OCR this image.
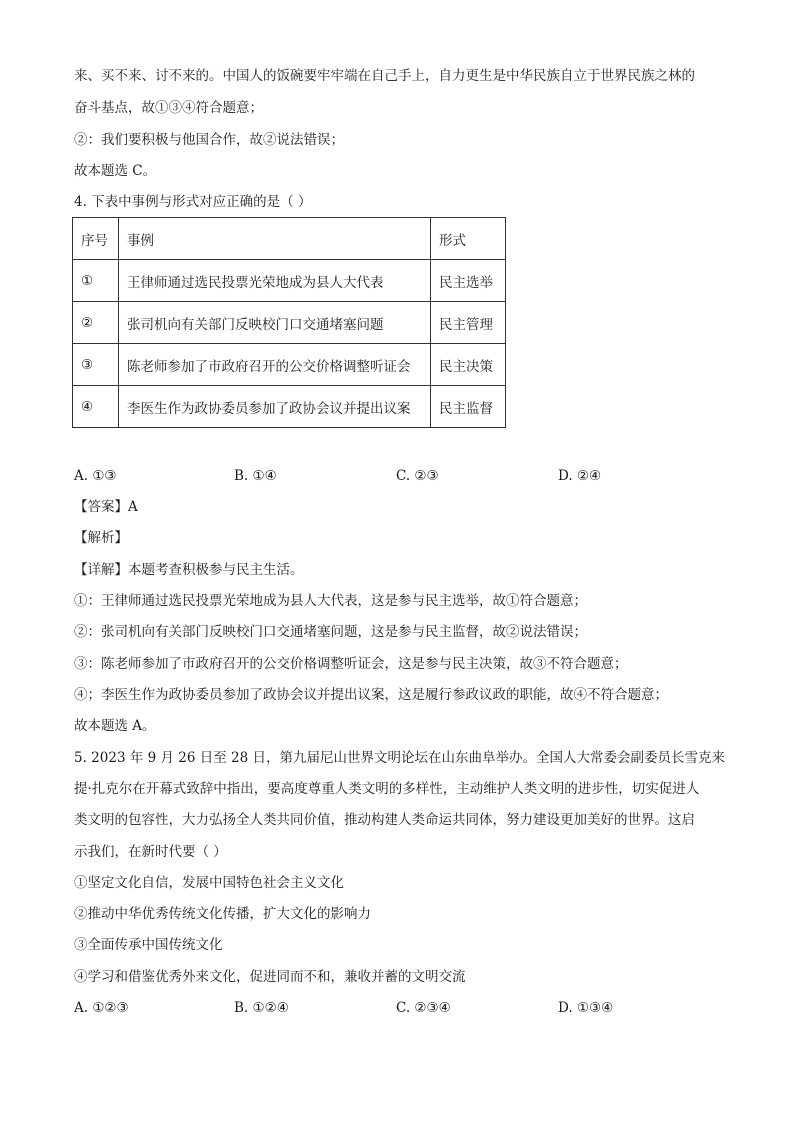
来、买不来、讨不来的。中国人的饭碗要牢牢端在自己手上，自力更生是中华民族自立于世界民族之林的
奋斗基点，故①③④符合题意；
②：我们要积极与他国合作，故②说法错误；
故本题选 C。
4. 下表中事例与形式对应正确的是（ ）
序号	事例	形式
①	王律师通过选民投票光荣地成为县人大代表	民主选举
②	张司机向有关部门反映校门口交通堵塞问题	民主管理
③	陈老师参加了市政府召开的公交价格调整听证会	民主决策
④	李医生作为政协委员参加了政协会议并提出议案	民主监督
A. ①③	B. ①④	C. ②③	D. ②④
【答案】A
【解析】
【详解】本题考查积极参与民主生活。
①：王律师通过选民投票光荣地成为县人大代表，这是参与民主选举，故①符合题意；
②：张司机向有关部门反映校门口交通堵塞问题，这是参与民主监督，故②说法错误；
③：陈老师参加了市政府召开的公交价格调整听证会，这是参与民主决策，故③不符合题意；
④；李医生作为政协委员参加了政协会议并提出议案，这是履行参政议政的职能，故④不符合题意；
故本题选 A。
5. 2023 年 9 月 26 日至 28 日，第九届尼山世界文明论坛在山东曲阜举办。全国人大常委会副委员长雪克来
提·扎克尔在开幕式致辞中指出，要高度尊重人类文明的多样性，主动维护人类文明的进步性，切实促进人
类文明的包容性，大力弘扬全人类共同价值，推动构建人类命运共同体，努力建设更加美好的世界。这启
示我们，在新时代要（ ）
①坚定文化自信，发展中国特色社会主义文化
②推动中华优秀传统文化传播，扩大文化的影响力
③全面传承中国传统文化
④学习和借鉴优秀外来文化，促进同而不和，兼收并蓄的文明交流
A. ①②③	B. ①②④	C. ②③④	D. ①③④
